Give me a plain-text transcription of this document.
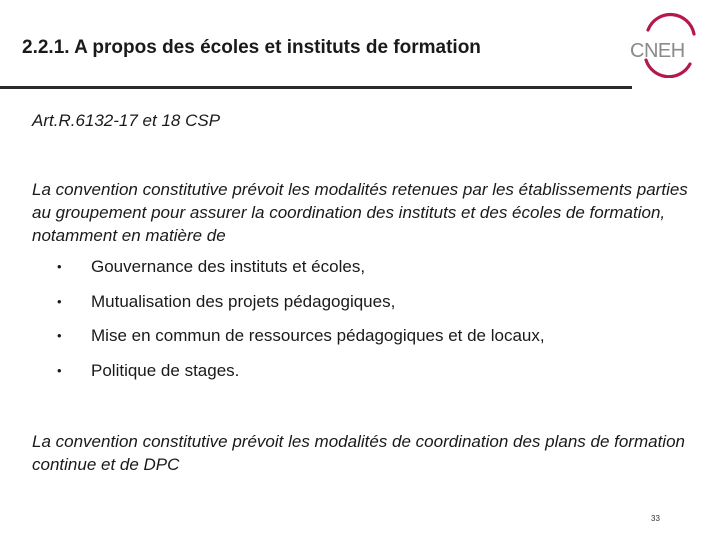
2.2.1. A propos des écoles et instituts de formation	CNEH
Art.R.6132-17 et 18 CSP
La convention constitutive prévoit les modalités retenues par les établissements parties au groupement pour assurer la coordination des instituts et des écoles de formation, notamment en matière de
•	Gouvernance des instituts et écoles,
•	Mutualisation des projets pédagogiques,
•	Mise en commun de ressources pédagogiques et de locaux,
•	Politique de stages.
La convention constitutive prévoit les modalités de coordination des plans de formation continue et de DPC
33
